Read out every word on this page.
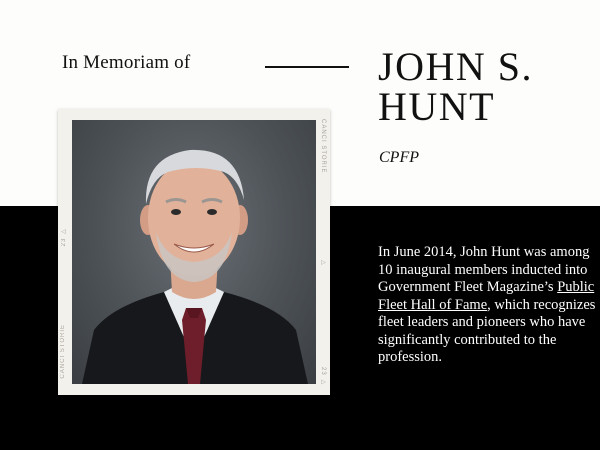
In Memoriam of	JOHN S.
HUNT
CPFP
CANCI STORIE
23 ▷
▷
CANCI STORIE	23 ▷
In June 2014, John Hunt was among 10 inaugural members inducted into Government Fleet Magazine’s Public Fleet Hall of Fame, which recognizes fleet leaders and pioneers who have significantly contributed to the profession.
